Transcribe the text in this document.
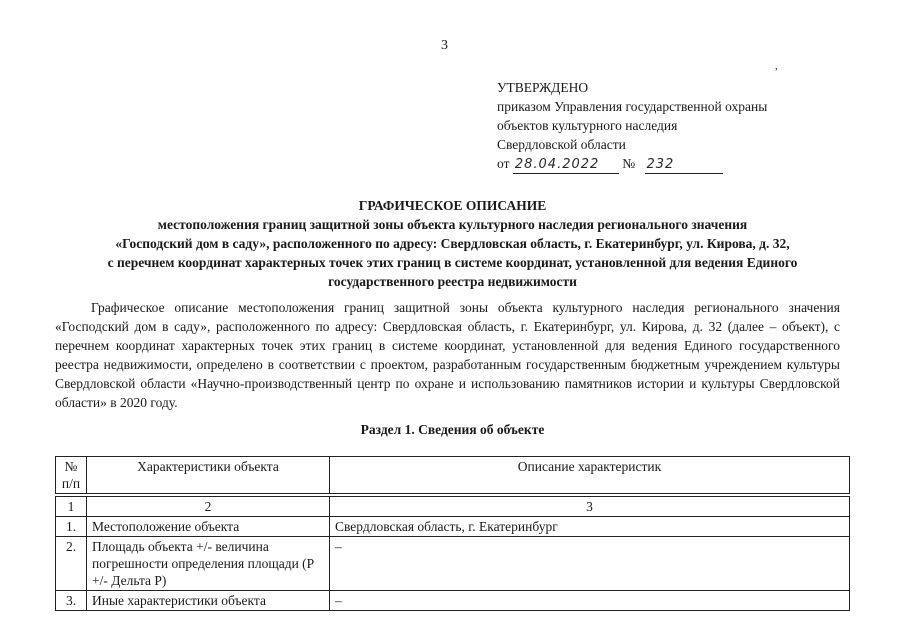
3
,
УТВЕРЖДЕНО
приказом Управления государственной охраны
объектов культурного наследия
Свердловской области
от 28.04.2022 № 232
ГРАФИЧЕСКОЕ ОПИСАНИЕ
местоположения границ защитной зоны объекта культурного наследия регионального значения
«Господский дом в саду», расположенного по адресу: Свердловская область, г. Екатеринбург, ул. Кирова, д. 32,
с перечнем координат характерных точек этих границ в системе координат, установленной для ведения Единого
государственного реестра недвижимости

Графическое описание местоположения границ защитной зоны объекта культурного наследия регионального значения «Господский дом в саду», расположенного по адресу: Свердловская область, г. Екатеринбург, ул. Кирова, д. 32 (далее – объект), с перечнем координат характерных точек этих границ в системе координат, установленной для ведения Единого государственного реестра недвижимости, определено в соответствии с проектом, разработанным государственным бюджетным учреждением культуры Свердловской области «Научно-производственный центр по охране и использованию памятников истории и культуры Свердловской области» в 2020 году.

Раздел 1. Сведения об объекте
№ п/п	Характеристики объекта	Описание характеристик

1	2	3
1.	Местоположение объекта	Свердловская область, г. Екатеринбург
2.	Площадь объекта +/- величина погрешности определения площади (Р +/- Дельта Р)	–
3.	Иные характеристики объекта	–
